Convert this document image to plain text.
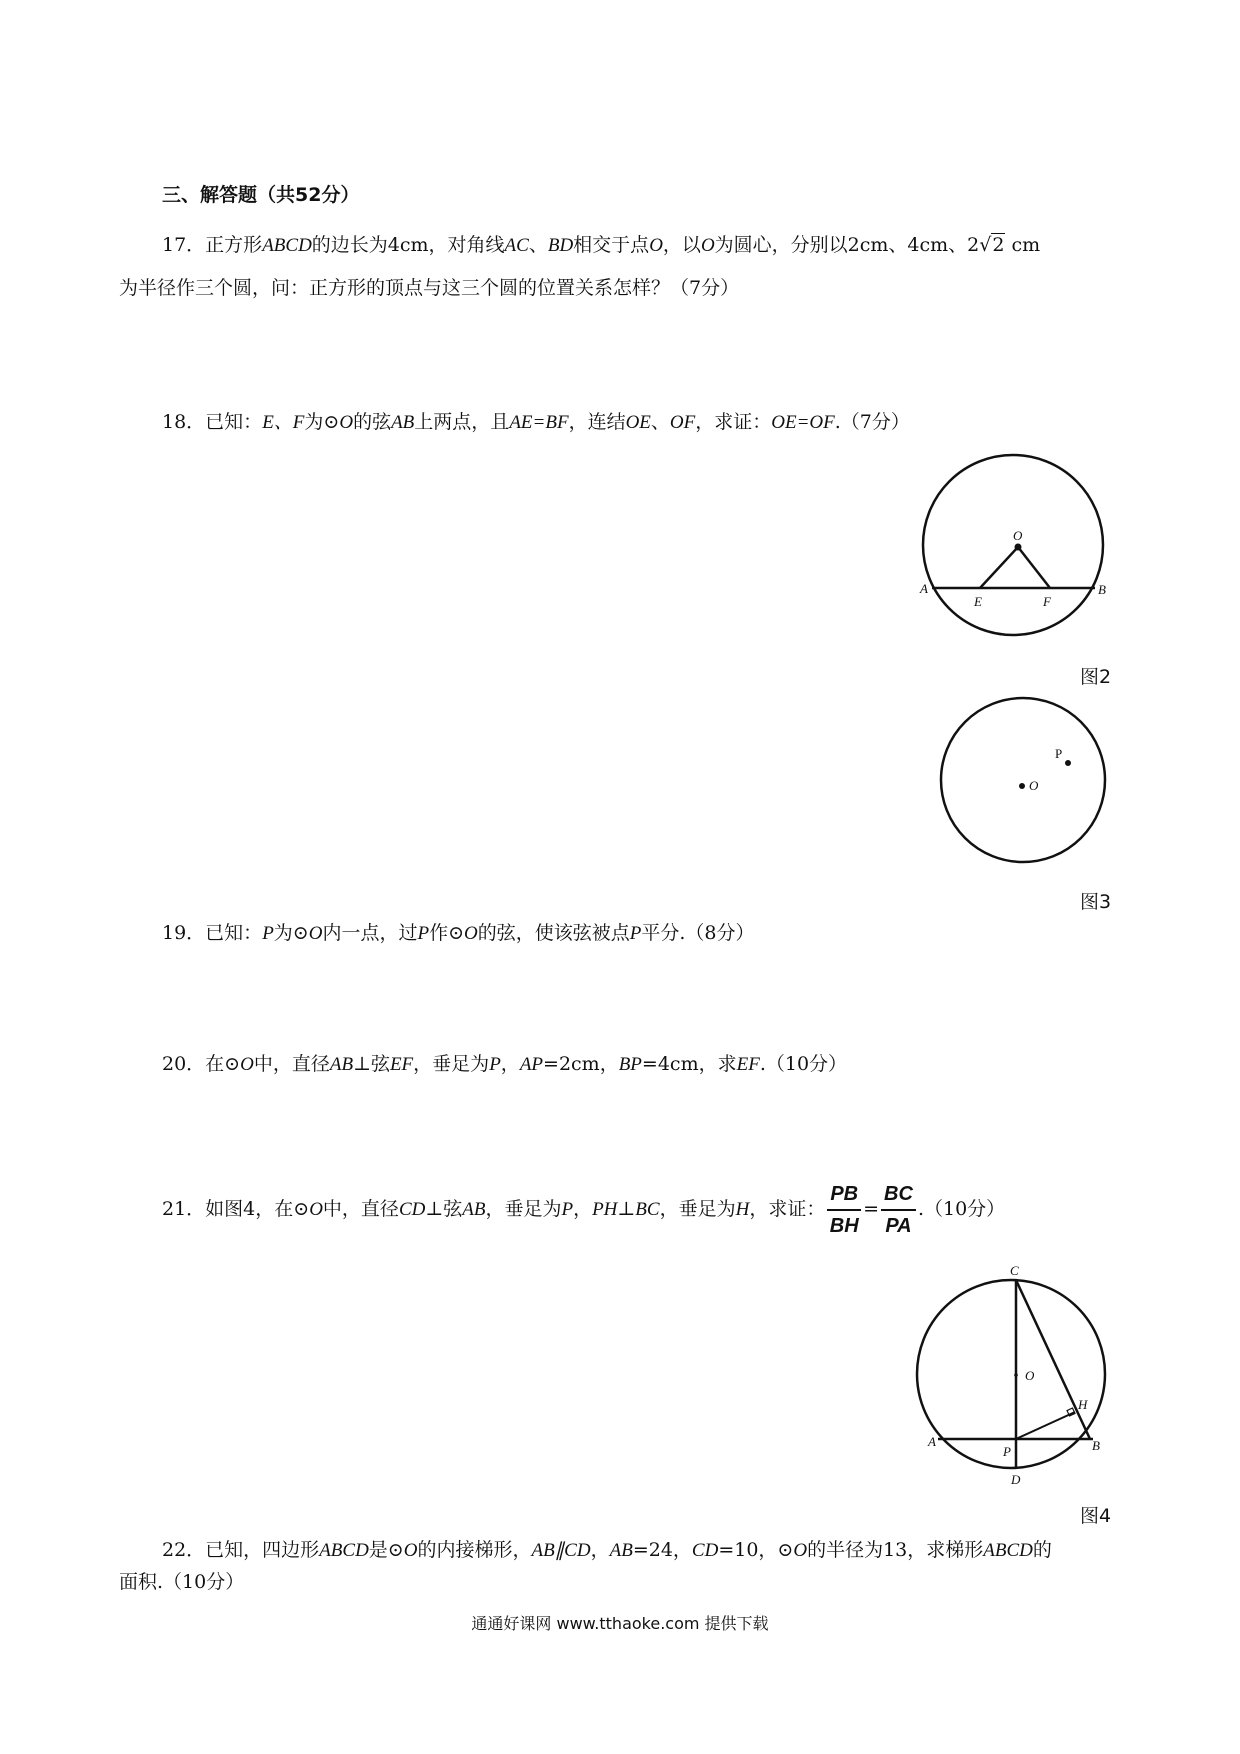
三、解答题（共52分）
17．正方形ABCD的边长为4cm，对角线AC、BD相交于点O，以O为圆心，分别以2cm、4cm、2√2 cm
为半径作三个圆，问：正方形的顶点与这三个圆的位置关系怎样？（7分）
18．已知：E、F为⊙O的弦AB上两点，且AE=BF，连结OE、OF，求证：OE=OF.（7分）
O
A
E	F
B
图2
P
O
图3
19．已知：P为⊙O内一点，过P作⊙O的弦，使该弦被点P平分.（8分）
20．在⊙O中，直径AB⊥弦EF，垂足为P，AP=2cm，BP=4cm，求EF.（10分）
21．如图4，在⊙O中，直径CD⊥弦AB，垂足为P，PH⊥BC，垂足为H，求证： $\frac{PB}{BH} = \frac{BC}{PA} .(10$分）
C
O
H
A
P	B
D
图4
22．已知，四边形ABCD是⊙O的内接梯形，AB∥CD，AB=24，CD=10，⊙O的半径为13，求梯形ABCD的
面积.（10分）
通通好课网 www.tthaoke.com 提供下载
